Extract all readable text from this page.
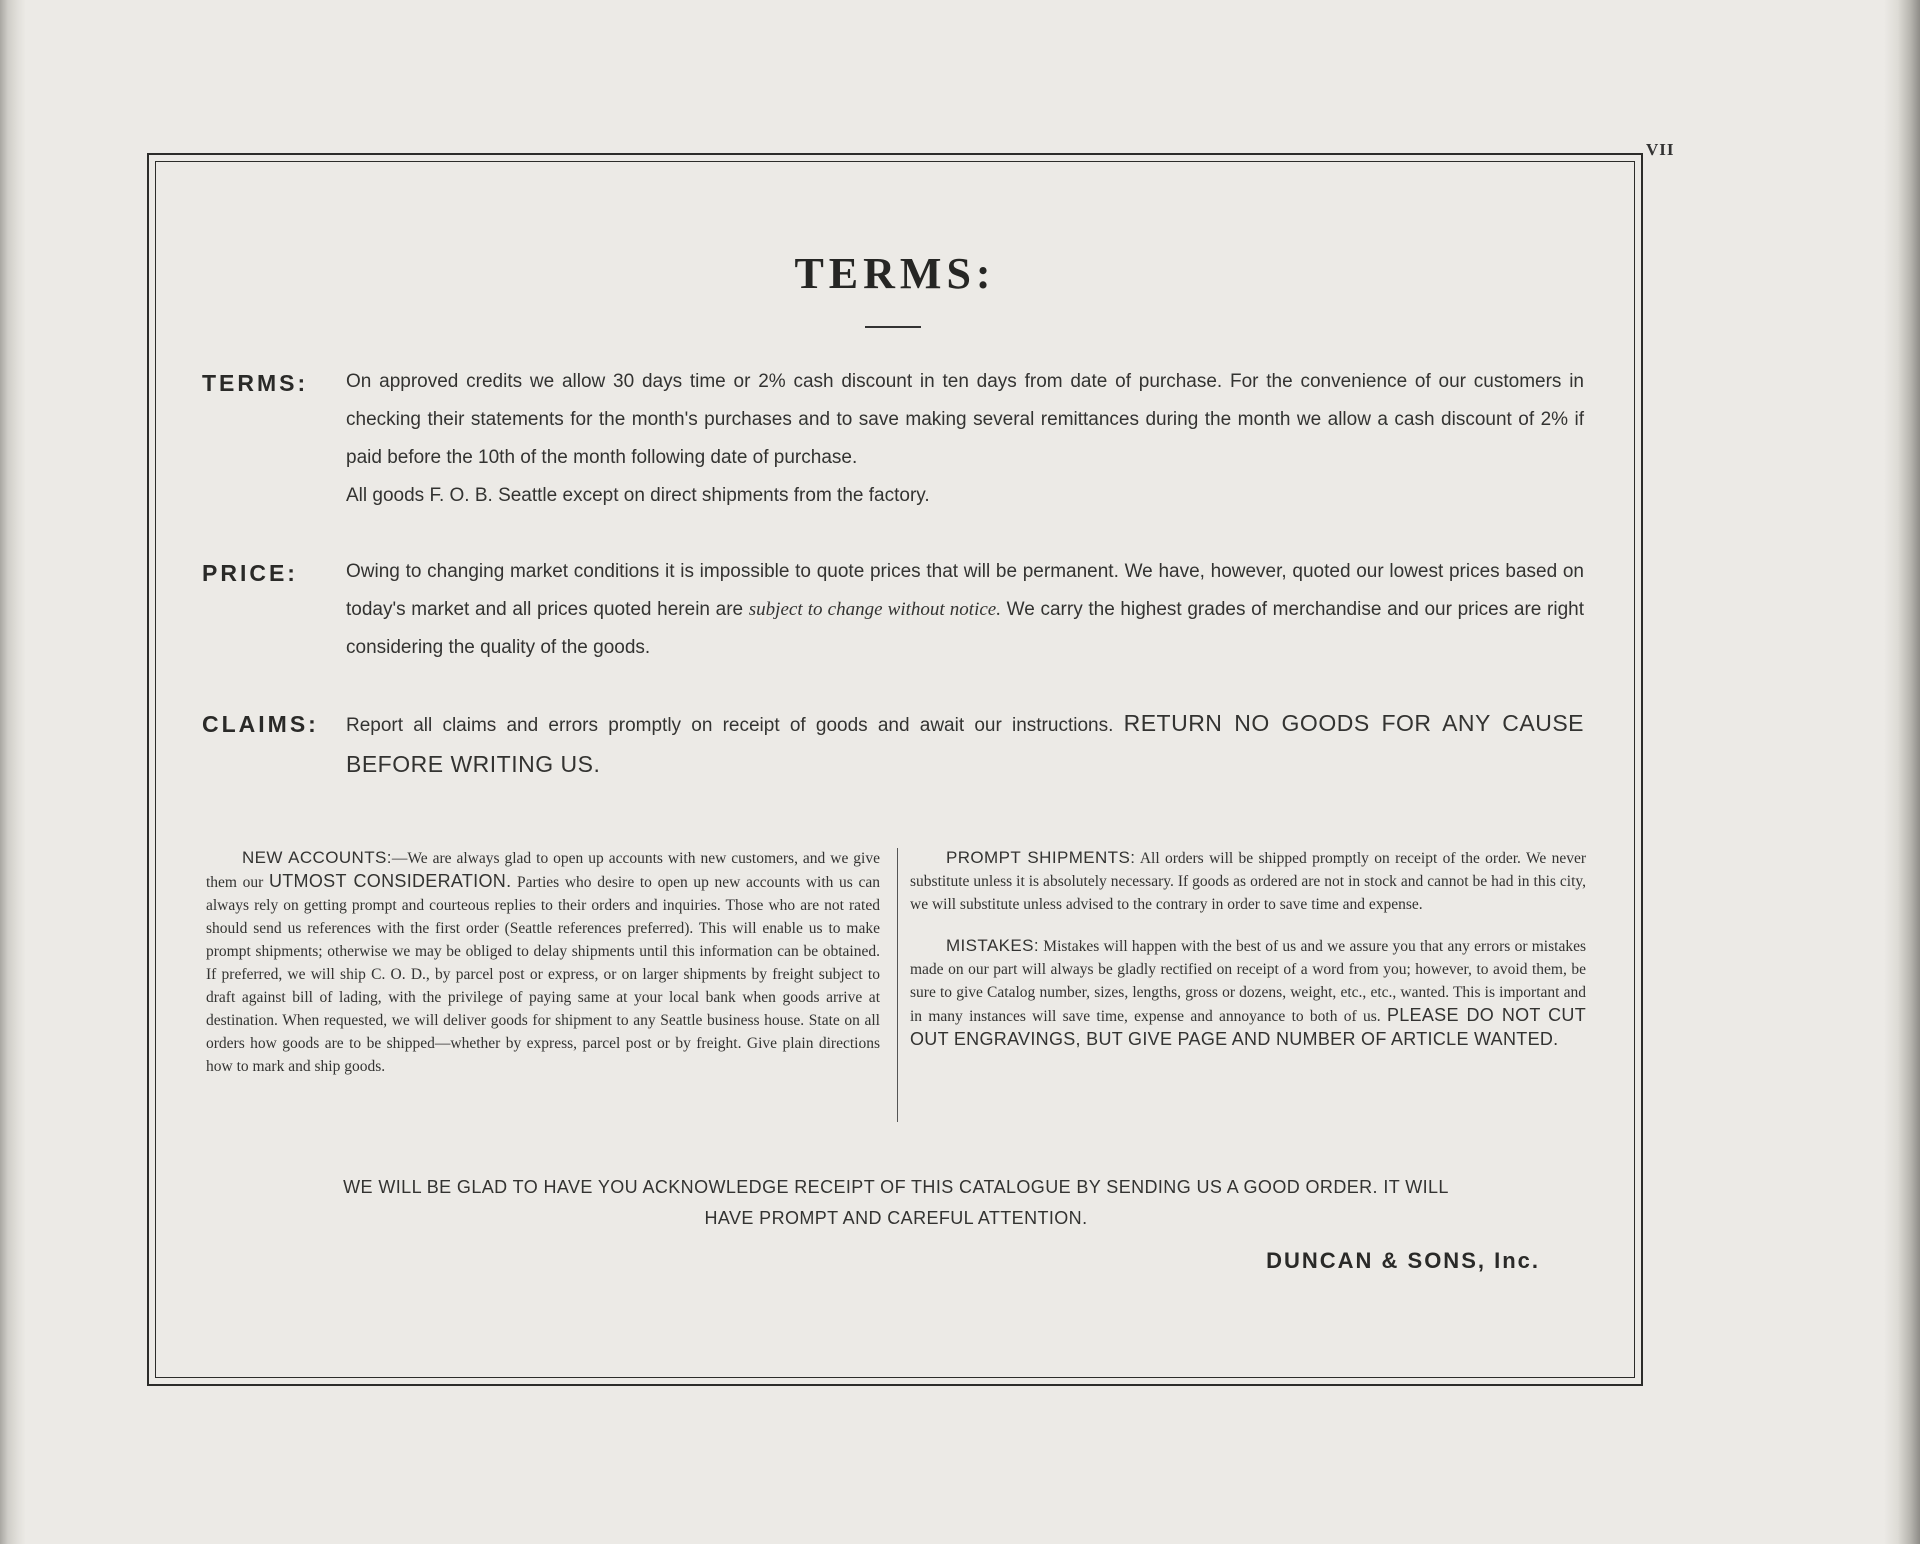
VII
TERMS:
TERMS: On approved credits we allow 30 days time or 2% cash discount in ten days from date of purchase. For the convenience of our customers in checking their statements for the month's purchases and to save making several remittances during the month we allow a cash discount of 2% if paid before the 10th of the month following date of purchase.

All goods F. O. B. Seattle except on direct shipments from the factory.

PRICE:	Owing to changing market conditions it is impossible to quote prices that will be permanent. We have, however, quoted our lowest prices based on today's market and all prices quoted herein are subject to change without notice. We carry the highest grades of merchandise and our prices are right considering the quality of the goods.

CLAIMS: Report all claims and errors promptly on receipt of goods and await our instructions. RETURN NO GOODS FOR ANY CAUSE BEFORE WRITING US.

NEW ACCOUNTS:—We are always glad to open up accounts with new customers, and we give them our UTMOST CONSIDERATION. Parties who desire to open up new accounts with us can always rely on getting prompt and courteous replies to their orders and inquiries. Those who are not rated should send us references with the first order (Seattle references preferred). This will enable us to make prompt shipments; otherwise we may be obliged to delay shipments until this information can be obtained. If preferred, we will ship C. O. D., by parcel post or express, or on larger shipments by freight subject to draft against bill of lading, with the privilege of paying same at your local bank when goods arrive at destination. When requested, we will deliver goods for shipment to any Seattle business house. State on all orders how goods are to be shipped—whether by express, parcel post or by freight. Give plain directions how to mark and ship goods.

PROMPT SHIPMENTS: All orders will be shipped promptly on receipt of the order. We never substitute unless it is absolutely necessary. If goods as ordered are not in stock and cannot be had in this city, we will substitute unless advised to the contrary in order to save time and expense.

MISTAKES: Mistakes will happen with the best of us and we assure you that any errors or mistakes made on our part will always be gladly rectified on receipt of a word from you; however, to avoid them, be sure to give Catalog number, sizes, lengths, gross or dozens, weight, etc., etc., wanted. This is important and in many instances will save time, expense and annoyance to both of us. PLEASE DO NOT CUT OUT ENGRAVINGS, BUT GIVE PAGE AND NUMBER OF ARTICLE WANTED.

WE WILL BE GLAD TO HAVE YOU ACKNOWLEDGE RECEIPT OF THIS CATALOGUE BY SENDING US A GOOD ORDER. IT WILL
HAVE PROMPT AND CAREFUL ATTENTION.
DUNCAN & SONS, Inc.
